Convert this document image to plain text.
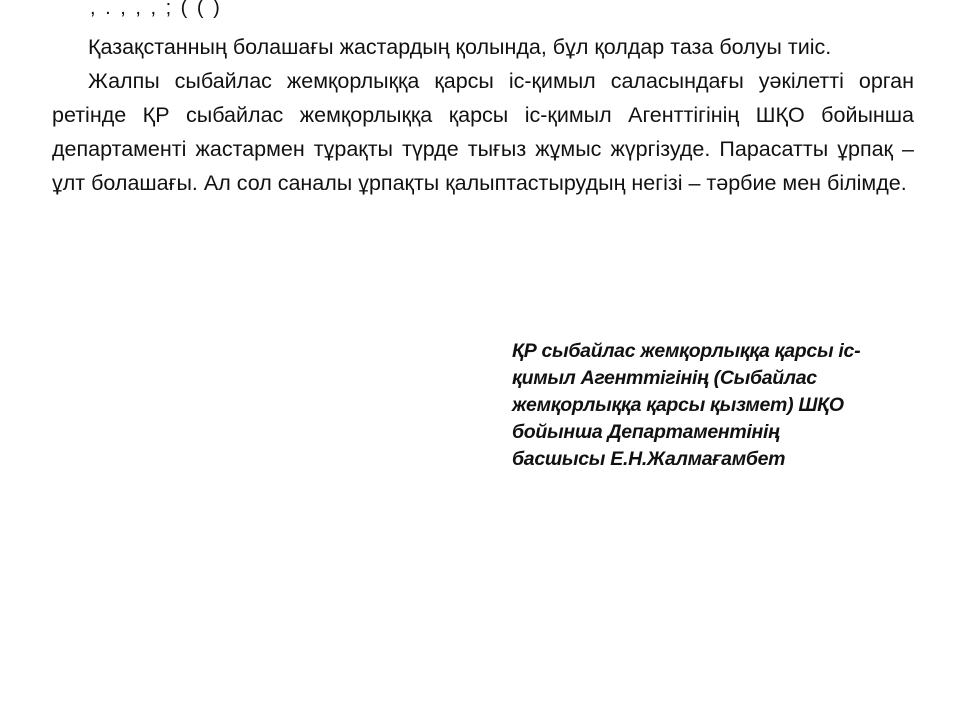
, . , , , ; ( ( )

Қазақстанның болашағы жастардың қолында, бұл қолдар таза болуы тиіс.

Жалпы сыбайлас жемқорлыққа қарсы іс-қимыл саласындағы уәкілетті орган ретінде ҚР сыбайлас жемқорлыққа қарсы іс-қимыл Агенттігінің ШҚО бойынша департаменті жастармен тұрақты түрде тығыз жұмыс жүргізуде. Парасатты ұрпақ – ұлт болашағы. Ал сол саналы ұрпақты қалыптастырудың негізі – тәрбие мен білімде.

ҚР сыбайлас жемқорлыққа қарсы іс-
қимыл Агенттігінің (Сыбайлас
жемқорлыққа қарсы қызмет) ШҚО
бойынша Департаментінің
басшысы Е.Н.Жалмағамбет
